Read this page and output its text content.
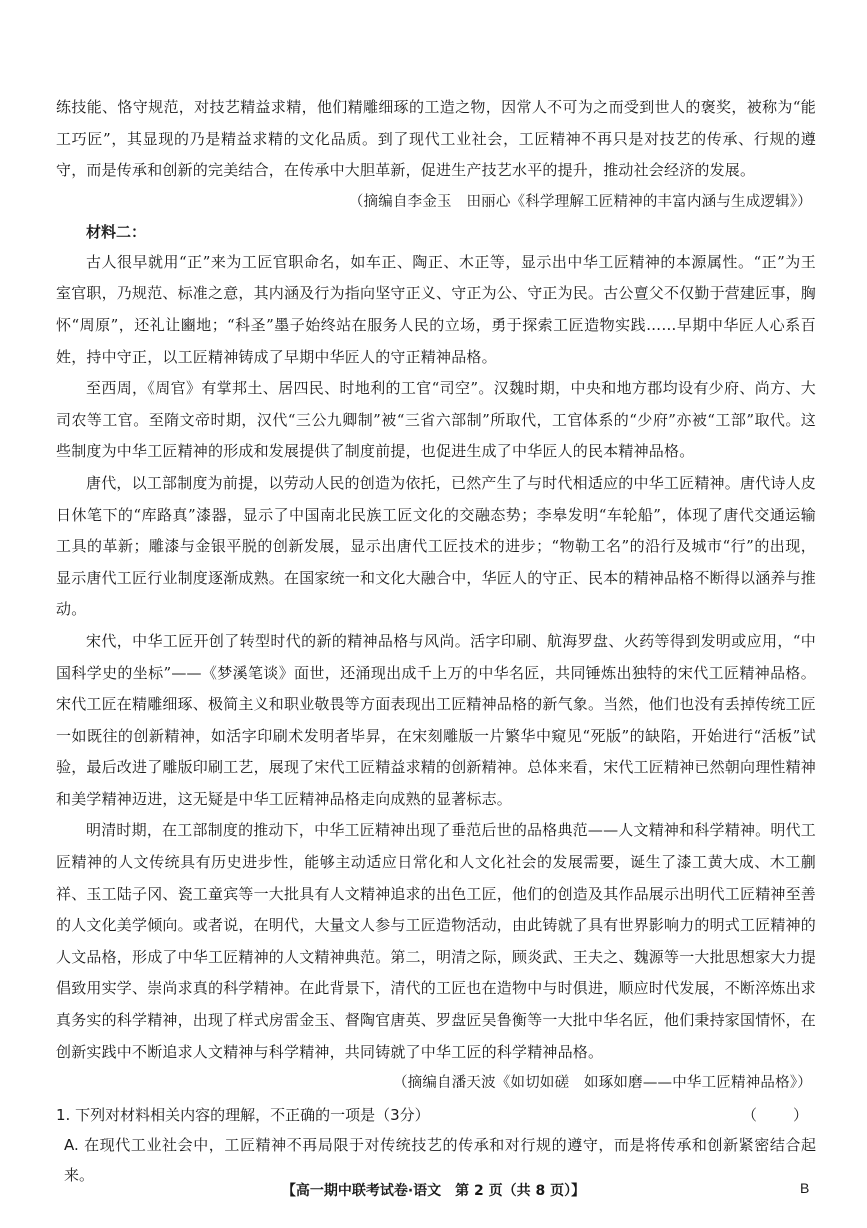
练技能、恪守规范，对技艺精益求精，他们精雕细琢的工造之物，因常人不可为之而受到世人的褒奖，被称为“能工巧匠”，其显现的乃是精益求精的文化品质。到了现代工业社会，工匠精神不再只是对技艺的传承、行规的遵守，而是传承和创新的完美结合，在传承中大胆革新，促进生产技艺水平的提升，推动社会经济的发展。

（摘编自李金玉　田丽心《科学理解工匠精神的丰富内涵与生成逻辑》）

材料二：

古人很早就用“正”来为工匠官职命名，如车正、陶正、木正等，显示出中华工匠精神的本源属性。“正”为王室官职，乃规范、标准之意，其内涵及行为指向坚守正义、守正为公、守正为民。古公亶父不仅勤于营建匠事，胸怀“周原”，还礼让豳地；“科圣”墨子始终站在服务人民的立场，勇于探索工匠造物实践……早期中华匠人心系百姓，持中守正，以工匠精神铸成了早期中华匠人的守正精神品格。

至西周，《周官》有掌邦土、居四民、时地利的工官“司空”。汉魏时期，中央和地方郡均设有少府、尚方、大司农等工官。至隋文帝时期，汉代“三公九卿制”被“三省六部制”所取代，工官体系的“少府”亦被“工部”取代。这些制度为中华工匠精神的形成和发展提供了制度前提，也促进生成了中华匠人的民本精神品格。

唐代，以工部制度为前提，以劳动人民的创造为依托，已然产生了与时代相适应的中华工匠精神。唐代诗人皮日休笔下的“库路真”漆器，显示了中国南北民族工匠文化的交融态势；李皋发明“车轮船”，体现了唐代交通运输工具的革新；雕漆与金银平脱的创新发展，显示出唐代工匠技术的进步；“物勒工名”的沿行及城市“行”的出现，显示唐代工匠行业制度逐渐成熟。在国家统一和文化大融合中，华匠人的守正、民本的精神品格不断得以涵养与推动。

宋代，中华工匠开创了转型时代的新的精神品格与风尚。活字印刷、航海罗盘、火药等得到发明或应用，“中国科学史的坐标”——《梦溪笔谈》面世，还涌现出成千上万的中华名匠，共同锤炼出独特的宋代工匠精神品格。宋代工匠在精雕细琢、极简主义和职业敬畏等方面表现出工匠精神品格的新气象。当然，他们也没有丢掉传统工匠一如既往的创新精神，如活字印刷术发明者毕昇，在宋刻雕版一片繁华中窥见“死版”的缺陷，开始进行“活板”试验，最后改进了雕版印刷工艺，展现了宋代工匠精益求精的创新精神。总体来看，宋代工匠精神已然朝向理性精神和美学精神迈进，这无疑是中华工匠精神品格走向成熟的显著标志。

明清时期，在工部制度的推动下，中华工匠精神出现了垂范后世的品格典范——人文精神和科学精神。明代工匠精神的人文传统具有历史进步性，能够主动适应日常化和人文化社会的发展需要，诞生了漆工黄大成、木工蒯祥、玉工陆子冈、瓷工童宾等一大批具有人文精神追求的出色工匠，他们的创造及其作品展示出明代工匠精神至善的人文化美学倾向。或者说，在明代，大量文人参与工匠造物活动，由此铸就了具有世界影响力的明式工匠精神的人文品格，形成了中华工匠精神的人文精神典范。第二，明清之际，顾炎武、王夫之、魏源等一大批思想家大力提倡致用实学、崇尚求真的科学精神。在此背景下，清代的工匠也在造物中与时俱进，顺应时代发展，不断淬炼出求真务实的科学精神，出现了样式房雷金玉、督陶官唐英、罗盘匠吴鲁衡等一大批中华名匠，他们秉持家国情怀，在创新实践中不断追求人文精神与科学精神，共同铸就了中华工匠的科学精神品格。

（摘编自潘天波《如切如磋　如琢如磨——中华工匠精神品格》）

1. 下列对材料相关内容的理解，不正确的一项是（3分）	（　　）
A. 在现代工业社会中，工匠精神不再局限于对传统技艺的传承和对行规的遵守，而是将传承和创新紧密结合起来。
【高一期中联考试卷·语文　第 2 页（共 8 页）】	B
